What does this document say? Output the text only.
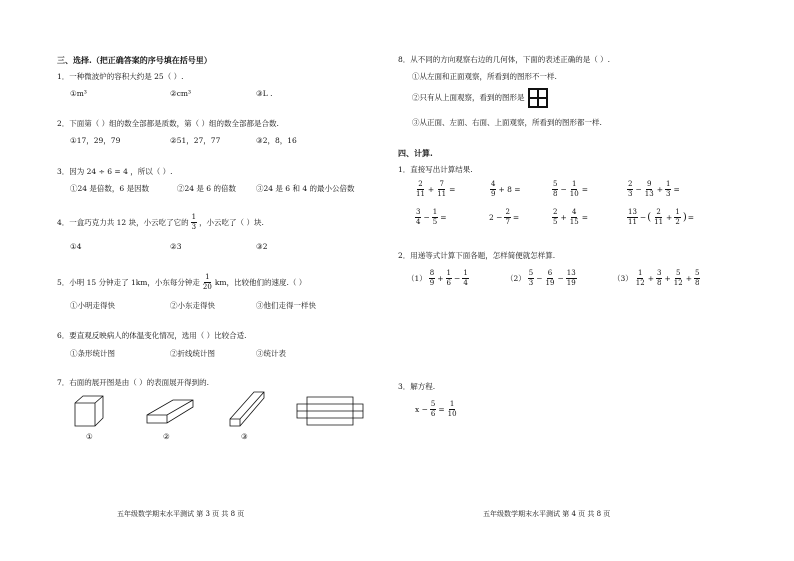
三、选择.（把正确答案的序号填在括号里）
1．一种微波炉的容积大约是 25（ ）.
①m³	②cm³	③L .
2．下面第（ ）组的数全部都是质数，第（ ）组的数全部都是合数.
①17，29，79	②51，27，77	③2，8，16
3．因为 24 ÷ 6 = 4 ，所以（ ）.
①24 是倍数，6 是因数	②24 是 6 的倍数	③24 是 6 和 4 的最小公倍数
4．一盒巧克力共 12 块，小云吃了它的 $\frac{1}{3}$ ，小云吃了（ ）块.
①4	②3	③2
5．小明 15 分钟走了 1km，小东每分钟走 $\frac{1}{20}$ km，比较他们的速度.（ ）
①小明走得快	②小东走得快	③他们走得一样快
6．要直观反映病人的体温变化情况，选用（ ）比较合适.
①条形统计图	②折线统计图	③统计表
7．右面的展开图是由（ ）的表面展开得到的.
①	②	③
五年级数学期末水平测试 第 3 页 共 8 页
8．从不同的方向观察右边的几何体，下面的表述正确的是（ ）.
①从左面和正面观察，所看到的图形不一样.
②只有从上面观察，看到的图形是
③从正面、左面、右面、上面观察，所看到的图形都一样.
四、计算.
1．直接写出计算结果.
$\frac{2}{11} + \frac{7}{11}$ =	$\frac{4}{9} + 8$ =	$\frac{5}{8} - \frac{1}{10}$ =	$\frac{2}{3} - \frac{9}{13} + \frac{1}{3}$ =
$\frac{3}{4} - \frac{1}{5}$ =	$2 - \frac{2}{7}$ =	$\frac{2}{5} + \frac{4}{15}$ =	$\frac{13}{11}$ − ( $\frac{2}{11} + \frac{1}{2}$ ) =
2．用递等式计算下面各题，怎样简便就怎样算.
$(1) \frac{8}{9} + \frac{1}{6} - \frac{1}{4}$	$(2) \frac{5}{3} - \frac{6}{19} - \frac{13}{19}$	$(3) \frac{1}{12} + \frac{3}{8} + \frac{5}{12} + \frac{5}{8}$
3．解方程.
$x - \frac{5}{6} = \frac{1}{10}$
五年级数学期末水平测试 第 4 页 共 8 页
